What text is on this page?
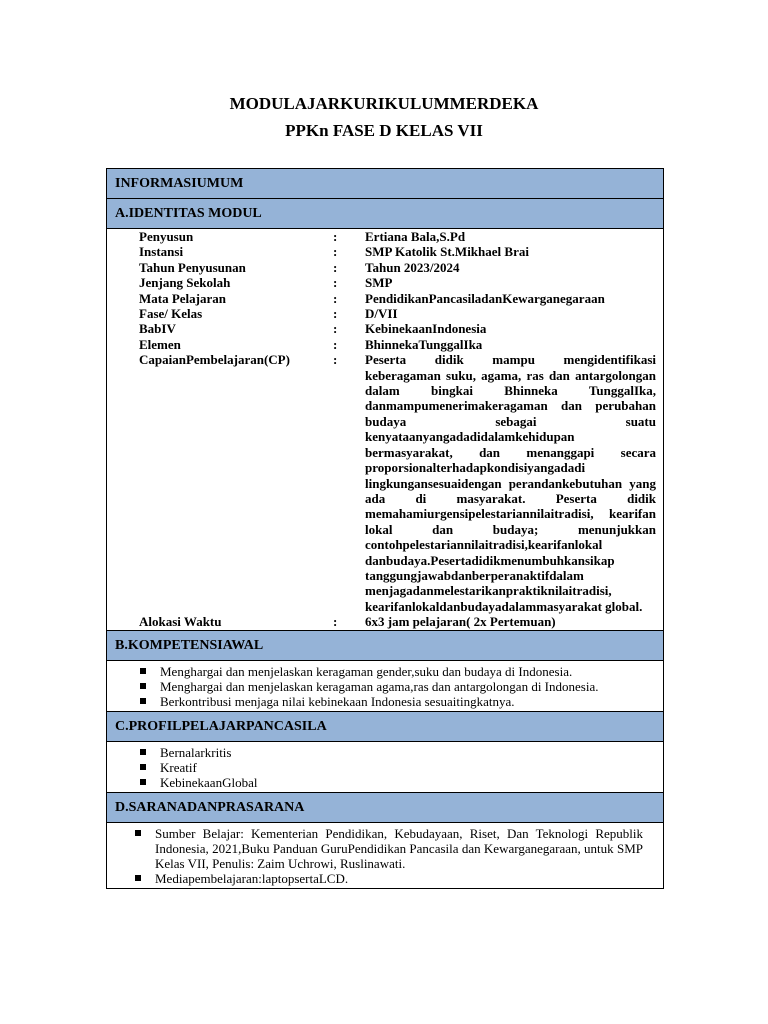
MODULAJARKURIKULUMMERDEKA
PPKn FASE D KELAS VII
INFORMASIUMUM

A.IDENTITAS MODUL

Penyusun	:	Ertiana Bala,S.Pd
Instansi	:	SMP Katolik St.Mikhael Brai
Tahun Penyusunan	:	Tahun 2023/2024
Jenjang Sekolah	:	SMP
Mata Pelajaran	:	PendidikanPancasiladanKewarganegaraan
Fase/ Kelas	:	D/VII
BabIV	:	KebinekaanIndonesia
Elemen	:	BhinnekaTunggalIka
CapaianPembelajaran(CP)	:	Peserta didik mampu mengidentifikasi keberagaman suku, agama, ras dan antargolongan dalam bingkai Bhinneka TunggalIka, danmampumenerimakeragaman dan perubahan budaya sebagai suatu kenyataanyangadadidalamkehidupan bermasyarakat, dan menanggapi secara proporsionalterhadapkondisiyangadadi lingkungansesuaidengan perandankebutuhan yang ada di masyarakat. Peserta didik memahamiurgensipelestariannilaitradisi, kearifan lokal dan budaya; menunjukkan contohpelestariannilaitradisi,kearifanlokal danbudaya.Pesertadidikmenumbuhkansikap tanggungjawabdanberperanaktifdalam menjagadanmelestarikanpraktiknilaitradisi, kearifanlokaldanbudayadalammasyarakat global.
Alokasi Waktu	:	6x3 jam pelajaran( 2x Pertemuan)

B.KOMPETENSIAWAL

Menghargai dan menjelaskan keragaman gender,suku dan budaya di Indonesia.
Menghargai dan menjelaskan keragaman agama,ras dan antargolongan di Indonesia.
Berkontribusi menjaga nilai kebinekaan Indonesia sesuaitingkatnya.

C.PROFILPELAJARPANCASILA

Bernalarkritis
Kreatif
KebinekaanGlobal

D.SARANADANPRASARANA

Sumber Belajar: Kementerian Pendidikan, Kebudayaan, Riset, Dan Teknologi Republik Indonesia, 2021,Buku Panduan GuruPendidikan Pancasila dan Kewarganegaraan, untuk SMP Kelas VII, Penulis: Zaim Uchrowi, Ruslinawati.
Mediapembelajaran:laptopsertaLCD.
